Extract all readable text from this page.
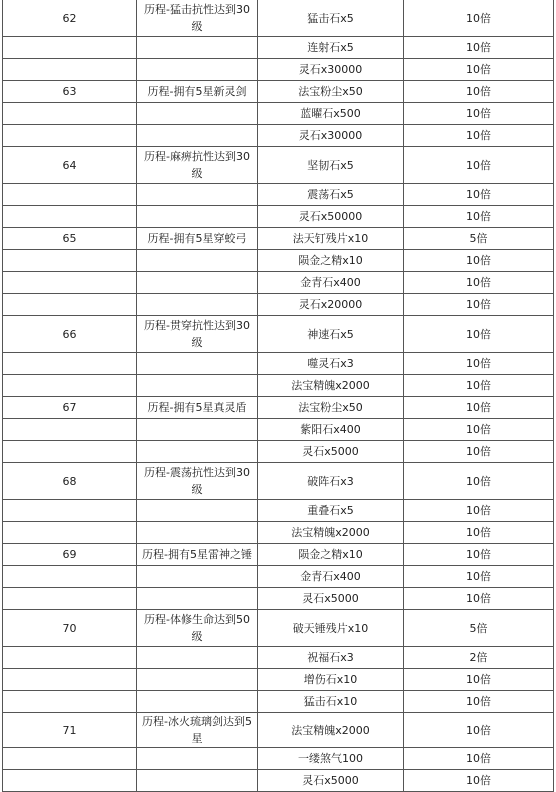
62	历程-猛击抗性达到30级	猛击石x5	10倍
		连射石x5	10倍
		灵石x30000	10倍
63	历程-拥有5星新灵剑	法宝粉尘x50	10倍
		蓝曜石x500	10倍
		灵石x30000	10倍
64	历程-麻痹抗性达到30级	坚韧石x5	10倍
		震荡石x5	10倍
		灵石x50000	10倍
65	历程-拥有5星穿蛟弓	法天钉残片x10	5倍
		陨金之精x10	10倍
		金青石x400	10倍
		灵石x20000	10倍
66	历程-贯穿抗性达到30级	神速石x5	10倍
		噬灵石x3	10倍
		法宝精魄x2000	10倍
67	历程-拥有5星真灵盾	法宝粉尘x50	10倍
		紫阳石x400	10倍
		灵石x5000	10倍
68	历程-震荡抗性达到30级	破阵石x3	10倍
		重叠石x5	10倍
		法宝精魄x2000	10倍
69	历程-拥有5星雷神之锤	陨金之精x10	10倍
		金青石x400	10倍
		灵石x5000	10倍
70	历程-体修生命达到50级	破天锤残片x10	5倍
		祝福石x3	2倍
		增伤石x10	10倍
		猛击石x10	10倍
71	历程-冰火琉璃剑达到5星	法宝精魄x2000	10倍
		一缕煞气100	10倍
		灵石x5000	10倍
